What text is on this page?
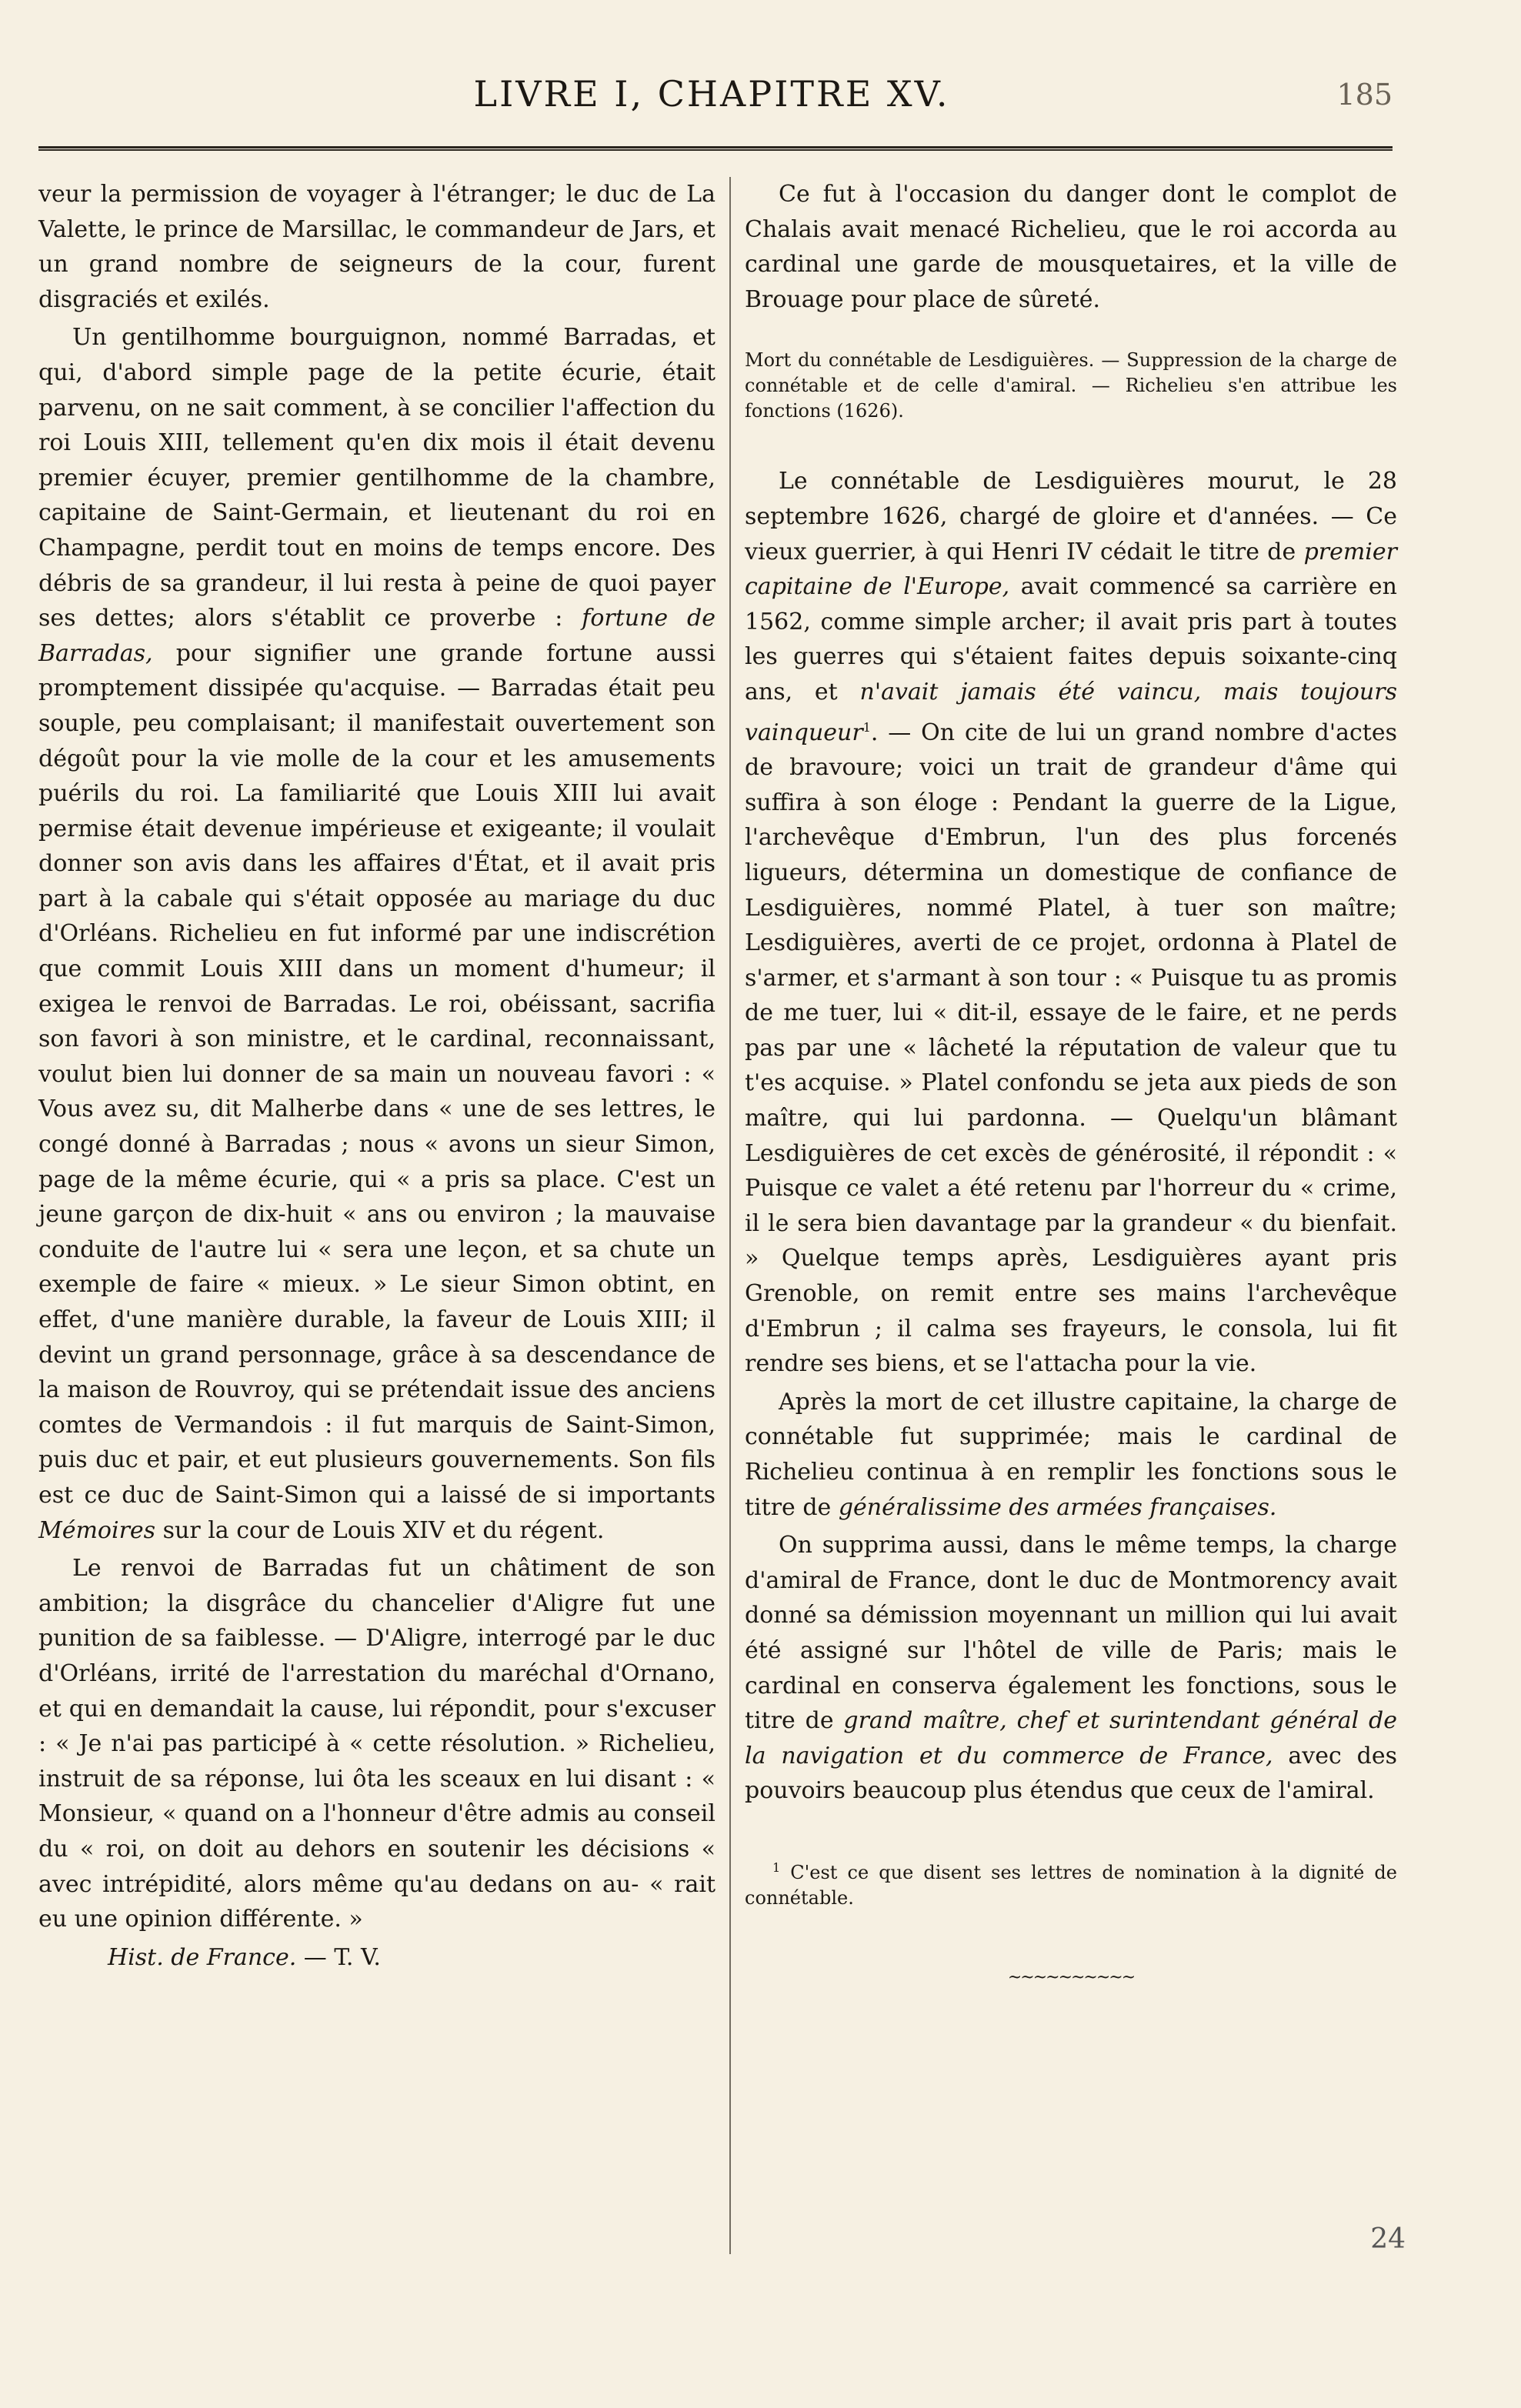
LIVRE I, CHAPITRE XV.	185

veur la permission de voyager à l'étranger; le duc de La Valette, le prince de Marsillac, le commandeur de Jars, et un grand nombre de seigneurs de la cour, furent disgraciés et exilés.

Un gentilhomme bourguignon, nommé Barradas, et qui, d'abord simple page de la petite écurie, était parvenu, on ne sait comment, à se concilier l'affection du roi Louis XIII, tellement qu'en dix mois il était devenu premier écuyer, premier gentilhomme de la chambre, capitaine de Saint-Germain, et lieutenant du roi en Champagne, perdit tout en moins de temps encore. Des débris de sa grandeur, il lui resta à peine de quoi payer ses dettes; alors s'établit ce proverbe : fortune de Barradas, pour signifier une grande fortune aussi promptement dissipée qu'acquise. — Barradas était peu souple, peu complaisant; il manifestait ouvertement son dégoût pour la vie molle de la cour et les amusements puérils du roi. La familiarité que Louis XIII lui avait permise était devenue impérieuse et exigeante; il voulait donner son avis dans les affaires d'État, et il avait pris part à la cabale qui s'était opposée au mariage du duc d'Orléans. Richelieu en fut informé par une indiscrétion que commit Louis XIII dans un moment d'humeur; il exigea le renvoi de Barradas. Le roi, obéissant, sacrifia son favori à son ministre, et le cardinal, reconnaissant, voulut bien lui donner de sa main un nouveau favori : « Vous avez su, dit Malherbe dans « une de ses lettres, le congé donné à Barradas ; nous « avons un sieur Simon, page de la même écurie, qui « a pris sa place. C'est un jeune garçon de dix-huit « ans ou environ ; la mauvaise conduite de l'autre lui « sera une leçon, et sa chute un exemple de faire « mieux. » Le sieur Simon obtint, en effet, d'une manière durable, la faveur de Louis XIII; il devint un grand personnage, grâce à sa descendance de la maison de Rouvroy, qui se prétendait issue des anciens comtes de Vermandois : il fut marquis de Saint-Simon, puis duc et pair, et eut plusieurs gouvernements. Son fils est ce duc de Saint-Simon qui a laissé de si importants Mémoires sur la cour de Louis XIV et du régent.

Le renvoi de Barradas fut un châtiment de son ambition; la disgrâce du chancelier d'Aligre fut une punition de sa faiblesse. — D'Aligre, interrogé par le duc d'Orléans, irrité de l'arrestation du maréchal d'Ornano, et qui en demandait la cause, lui répondit, pour s'excuser : « Je n'ai pas participé à « cette résolution. » Richelieu, instruit de sa réponse, lui ôta les sceaux en lui disant : « Monsieur, « quand on a l'honneur d'être admis au conseil du « roi, on doit au dehors en soutenir les décisions « avec intrépidité, alors même qu'au dedans on au- « rait eu une opinion différente. »

Hist. de France. — T. V.

Ce fut à l'occasion du danger dont le complot de Chalais avait menacé Richelieu, que le roi accorda au cardinal une garde de mousquetaires, et la ville de Brouage pour place de sûreté.

Mort du connétable de Lesdiguières. — Suppression de la charge de connétable et de celle d'amiral. — Richelieu s'en attribue les fonctions (1626).

Le connétable de Lesdiguières mourut, le 28 septembre 1626, chargé de gloire et d'années. — Ce vieux guerrier, à qui Henri IV cédait le titre de premier capitaine de l'Europe, avait commencé sa carrière en 1562, comme simple archer; il avait pris part à toutes les guerres qui s'étaient faites depuis soixante-cinq ans, et n'avait jamais été vaincu, mais toujours vainqueur$^1$. — On cite de lui un grand nombre d'actes de bravoure; voici un trait de grandeur d'âme qui suffira à son éloge : Pendant la guerre de la Ligue, l'archevêque d'Embrun, l'un des plus forcenés ligueurs, détermina un domestique de confiance de Lesdiguières, nommé Platel, à tuer son maître; Lesdiguières, averti de ce projet, ordonna à Platel de s'armer, et s'armant à son tour : « Puisque tu as promis de me tuer, lui « dit-il, essaye de le faire, et ne perds pas par une « lâcheté la réputation de valeur que tu t'es acquise. » Platel confondu se jeta aux pieds de son maître, qui lui pardonna. — Quelqu'un blâmant Lesdiguières de cet excès de générosité, il répondit : « Puisque ce valet a été retenu par l'horreur du « crime, il le sera bien davantage par la grandeur « du bienfait. » Quelque temps après, Lesdiguières ayant pris Grenoble, on remit entre ses mains l'archevêque d'Embrun ; il calma ses frayeurs, le consola, lui fit rendre ses biens, et se l'attacha pour la vie.

Après la mort de cet illustre capitaine, la charge de connétable fut supprimée; mais le cardinal de Richelieu continua à en remplir les fonctions sous le titre de généralissime des armées françaises.

On supprima aussi, dans le même temps, la charge d'amiral de France, dont le duc de Montmorency avait donné sa démission moyennant un million qui lui avait été assigné sur l'hôtel de ville de Paris; mais le cardinal en conserva également les fonctions, sous le titre de grand maître, chef et surintendant général de la navigation et du commerce de France, avec des pouvoirs beaucoup plus étendus que ceux de l'amiral.

$^1$ C'est ce que disent ses lettres de nomination à la dignité de connétable.
~~~~~~~~~~
24
